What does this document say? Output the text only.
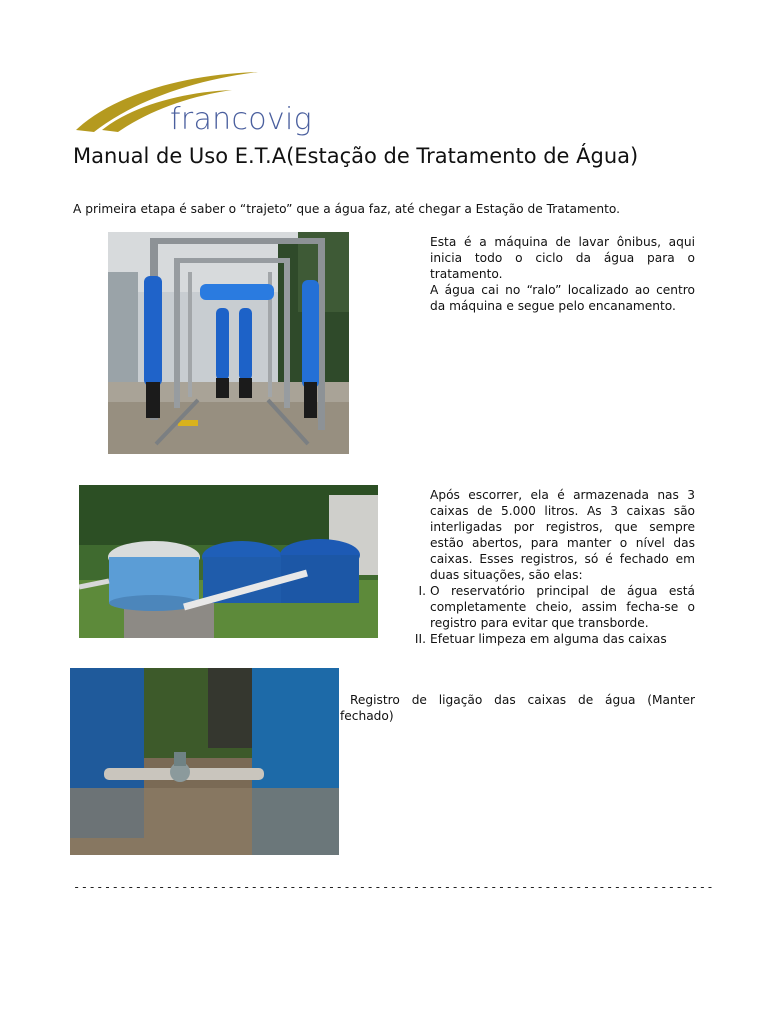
francovig
Manual de Uso E.T.A(Estação de Tratamento de Água)
A primeira etapa é saber o “trajeto” que a água faz, até chegar a Estação de Tratamento.
Esta é a máquina de lavar ônibus, aqui inicia todo o ciclo da água para o tratamento.
A água cai no “ralo” localizado ao centro da máquina e segue pelo encanamento.
Após escorrer, ela é armazenada nas 3 caixas de 5.000 litros. As 3 caixas são interligadas por registros, que sempre estão abertos, para manter o nível das caixas. Esses registros, só é fechado em duas situações, são elas:
I. O reservatório principal de água está completamente cheio, assim fecha-se o registro para evitar que transborde.
II. Efetuar limpeza em alguma das caixas
Registro de ligação das caixas de água (Manter fechado)
-----------------------------------------------------------------------------------
